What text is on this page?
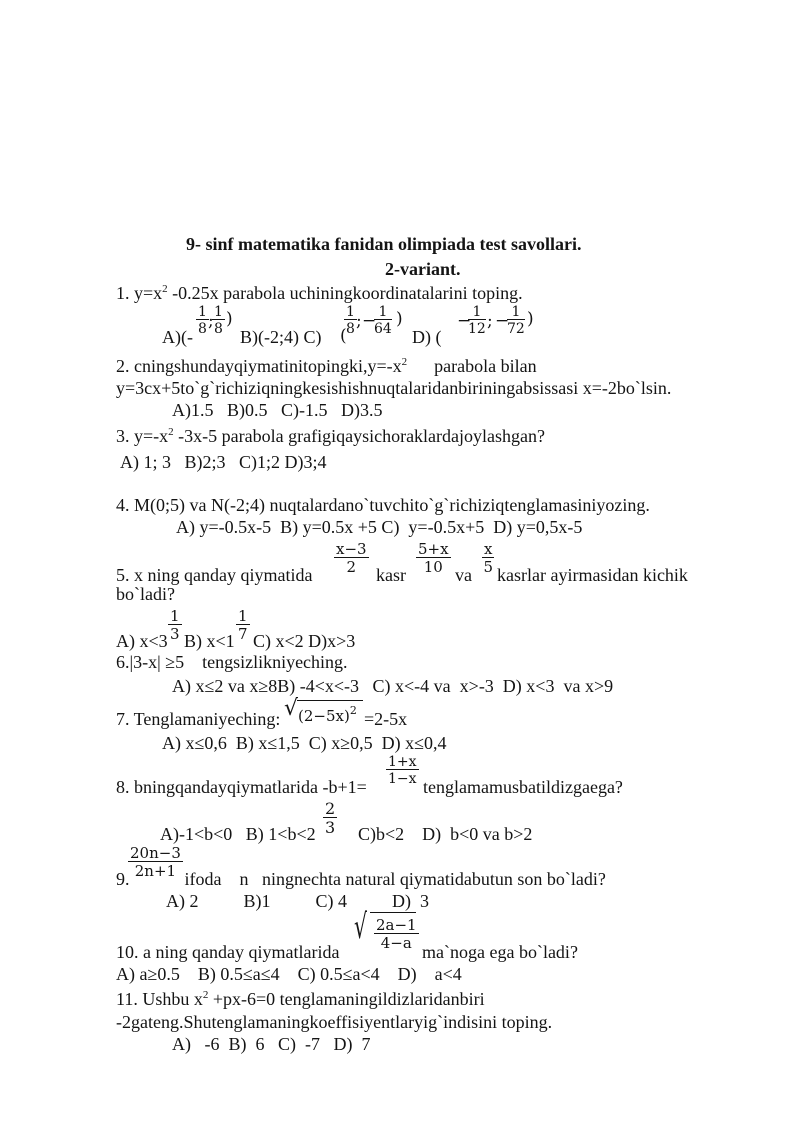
9- sinf matematika fanidan olimpiada test savollari.
2-variant.
1. $y=x^2$ -0.25x parabola uchiningkoordinatalarini toping.
A)(-
1
8 ; 1
8 )
B)(-2;4) C) (
1
8 ; − 1
64 )
D) (
− 1
12 ; − 1
72 )
2. $cningshundayqiymatinitopingki,y=-x^2$      parabola bilan
y=3cx+5to`g`richiziqningkesishishnuqtalaridanbiriningabsissasi x=-2bo`lsin.
A)1.5   B)0.5   C)-1.5   D)3.5
3. $y=-x^2$ -3x-5 parabola grafigiqaysichoraklardajoylashgan?
A) 1; 3   B)2;3   C)1;2 D)3;4
4. M(0;5) va N(-2;4) nuqtalardano`tuvchito`g`richiziqtenglamasiniyozing.
A) y=-0.5x-5  B) y=0.5x +5 C)  y=-0.5x+5  D) y=0,5x-5
5. x ning qanday qiymatida $\frac{x-3}{2}$ kasr $\frac{5+x}{10}$ va $\frac{x}{5}$ kasrlar ayirmasidan kichik
bo`ladi?
A) $x<3 \frac{1}{3} B$) $x<1 \frac{1}{7} C$) x<2 D)x>3
6.|3-x| ≥5    tengsizlikniyeching.
A) x≤2 va x≥8B) -4<x<-3   C) x<-4 va  x>-3  D) x<3  va x>9
7. Tenglamaniyeching: √ $(2-5x)^2 =2-5x$
A) x≤0,6  B) x≤1,5  C) x≥0,5  D) x≤0,4
8. bningqandayqiymatlarida -b+1=
$\frac{1+x}{1-x}$
tenglamamusbatildizgaega?
A)-1<b<0   B) $1<b<2 \frac{2}{3} C)b<2$    D)  b<0 va b>2
$\frac{20n-3}{2n+1}$
9.	ifoda    n   ningnechta natural qiymatidabutun son bo`ladi?
A) 2          B)1          C) 4          D)  3
10. a ning qanday qiymatlarida
√ $\frac{2a-1}{4-a}$
ma`noga ega bo`ladi?
A) a≥0.5    B) 0.5≤a≤4    C) 0.5≤a<4    D)    a<4
11. Ushbu $x^2 +px-6=0$ tenglamaningildizlaridanbiri
-2gateng.Shutenglamaningkoeffisiyentlaryig`indisini toping.
A)   -6  B)  6   C)  -7   D)  7
